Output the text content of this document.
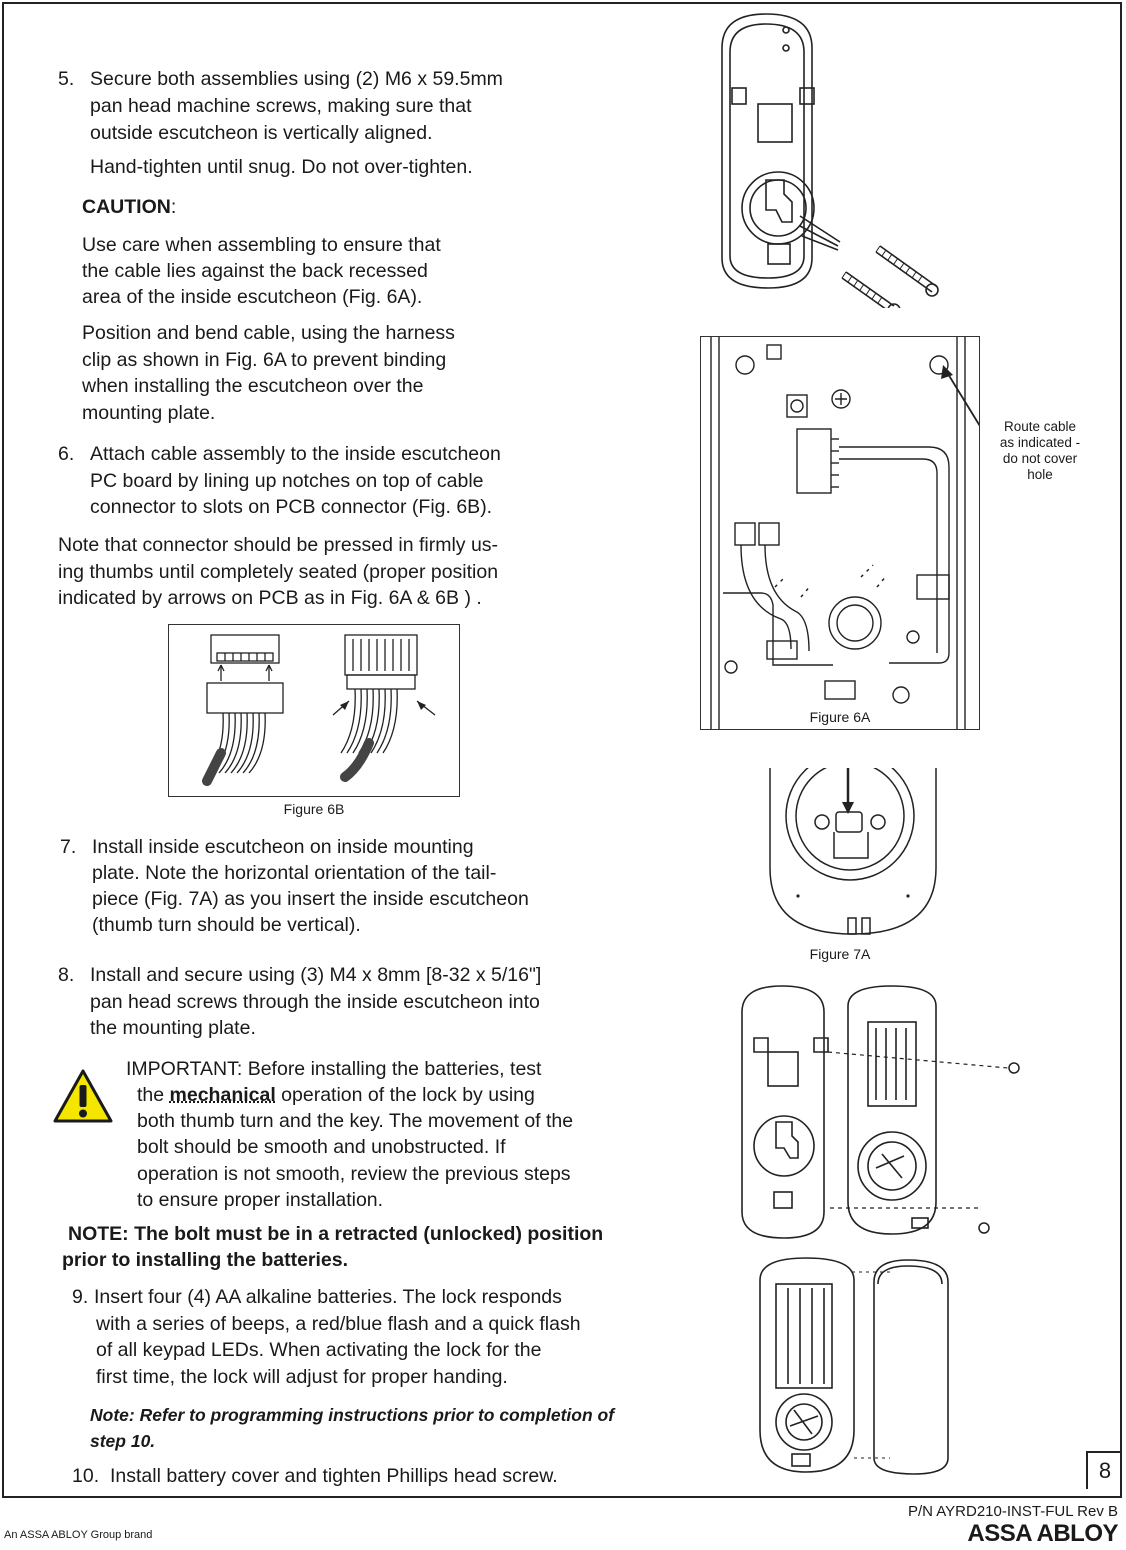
5. Secure both assemblies using (2) M6 x 59.5mm

pan head machine screws, making sure that

outside escutcheon is vertically aligned.

Hand-tighten until snug. Do not over-tighten.

CAUTION:

Use care when assembling to ensure that

the cable lies against the back recessed

area of the inside escutcheon (Fig. 6A).

Position and bend cable, using the harness

clip as shown in Fig. 6A to prevent binding

when installing the escutcheon over the

mounting plate.

6. Attach cable assembly to the inside escutcheon

PC board by lining up notches on top of cable

connector to slots on PCB connector (Fig. 6B).

Note that connector should be pressed in firmly us-

ing thumbs until completely seated (proper position

indicated by arrows on PCB as in Fig. 6A & 6B ) .

Figure 6B
7. Install inside escutcheon on inside mounting

plate. Note the horizontal orientation of the tail-

piece (Fig. 7A) as you insert the inside escutcheon

(thumb turn should be vertical).

8. Install and secure using (3) M4 x 8mm [8-32 x 5/16"]

pan head screws through the inside escutcheon into

the mounting plate.

IMPORTANT: Before installing the batteries, test

the mechanical operation of the lock by using

both thumb turn and the key. The movement of the

bolt should be smooth and unobstructed. If

operation is not smooth, review the previous steps

to ensure proper installation.

NOTE: The bolt must be in a retracted (unlocked) position

prior to installing the batteries.

9. Insert four (4) AA alkaline batteries. The lock responds

with a series of beeps, a red/blue flash and a quick flash

of all keypad LEDs. When activating the lock for the

first time, the lock will adjust for proper handing.

Note: Refer to programming instructions prior to completion of

step 10.

10. Install battery cover and tighten Phillips head screw.

Route cable
as indicated -
do not cover
hole
Figure 6A
Figure 7A
8
P/N AYRD210-INST-FUL Rev B
An ASSA ABLOY Group brand	ASSA ABLOY
